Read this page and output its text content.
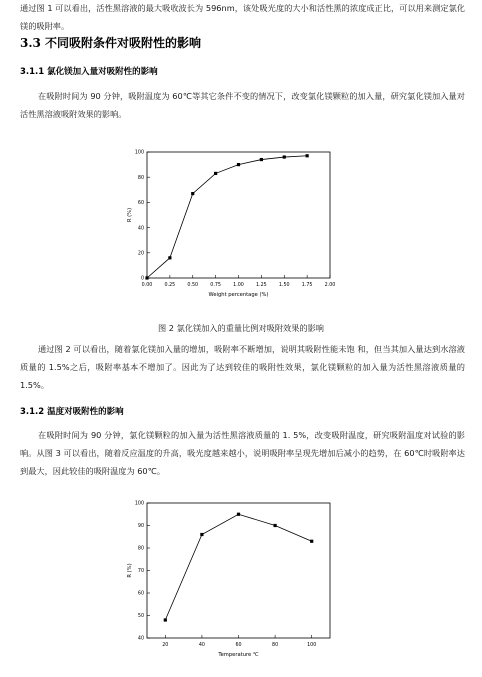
通过图 1 可以看出，活性黑溶液的最大吸收波长为 596nm，该处吸光度的大小和活性黑的浓度成正比，可以用来测定氯化镁的吸附率。

3.3 不同吸附条件对吸附性的影响
3.1.1 氯化镁加入量对吸附性的影响

在吸附时间为 90 分钟，吸附温度为 60℃等其它条件不变的情况下，改变氯化镁颗粒的加入量，研究氯化镁加入量对活性黑溶液吸附效果的影响。

0.00	0.25	0.50	0.75	1.00	1.25	1.50	1.75	2.00
0
20
40
60
80
100
Weight percentage (%)
R (%)

图 2 氯化镁加入的重量比例对吸附效果的影响

通过图 2 可以看出，随着氯化镁加入量的增加，吸附率不断增加，说明其吸附性能未饱 和，但当其加入量达到水溶液质量的 1.5%之后，吸附率基本不增加了。因此为了达到较佳的吸附性效果，氯化镁颗粒的加入量为活性黑溶液质量的 1.5%。

3.1.2 温度对吸附性的影响

在吸附时间为 90 分钟，氯化镁颗粒的加入量为活性黑溶液质量的 1. 5%，改变吸附温度，研究吸附温度对试验的影响。从图 3 可以看出，随着反应温度的升高，吸光度越来越小，说明吸附率呈现先增加后减小的趋势，在 60℃时吸附率达到最大，因此较佳的吸附温度为 60℃。

20	40	60	80	100
40
50
60
70
80
90
100
Temperature ℃
R (%)
